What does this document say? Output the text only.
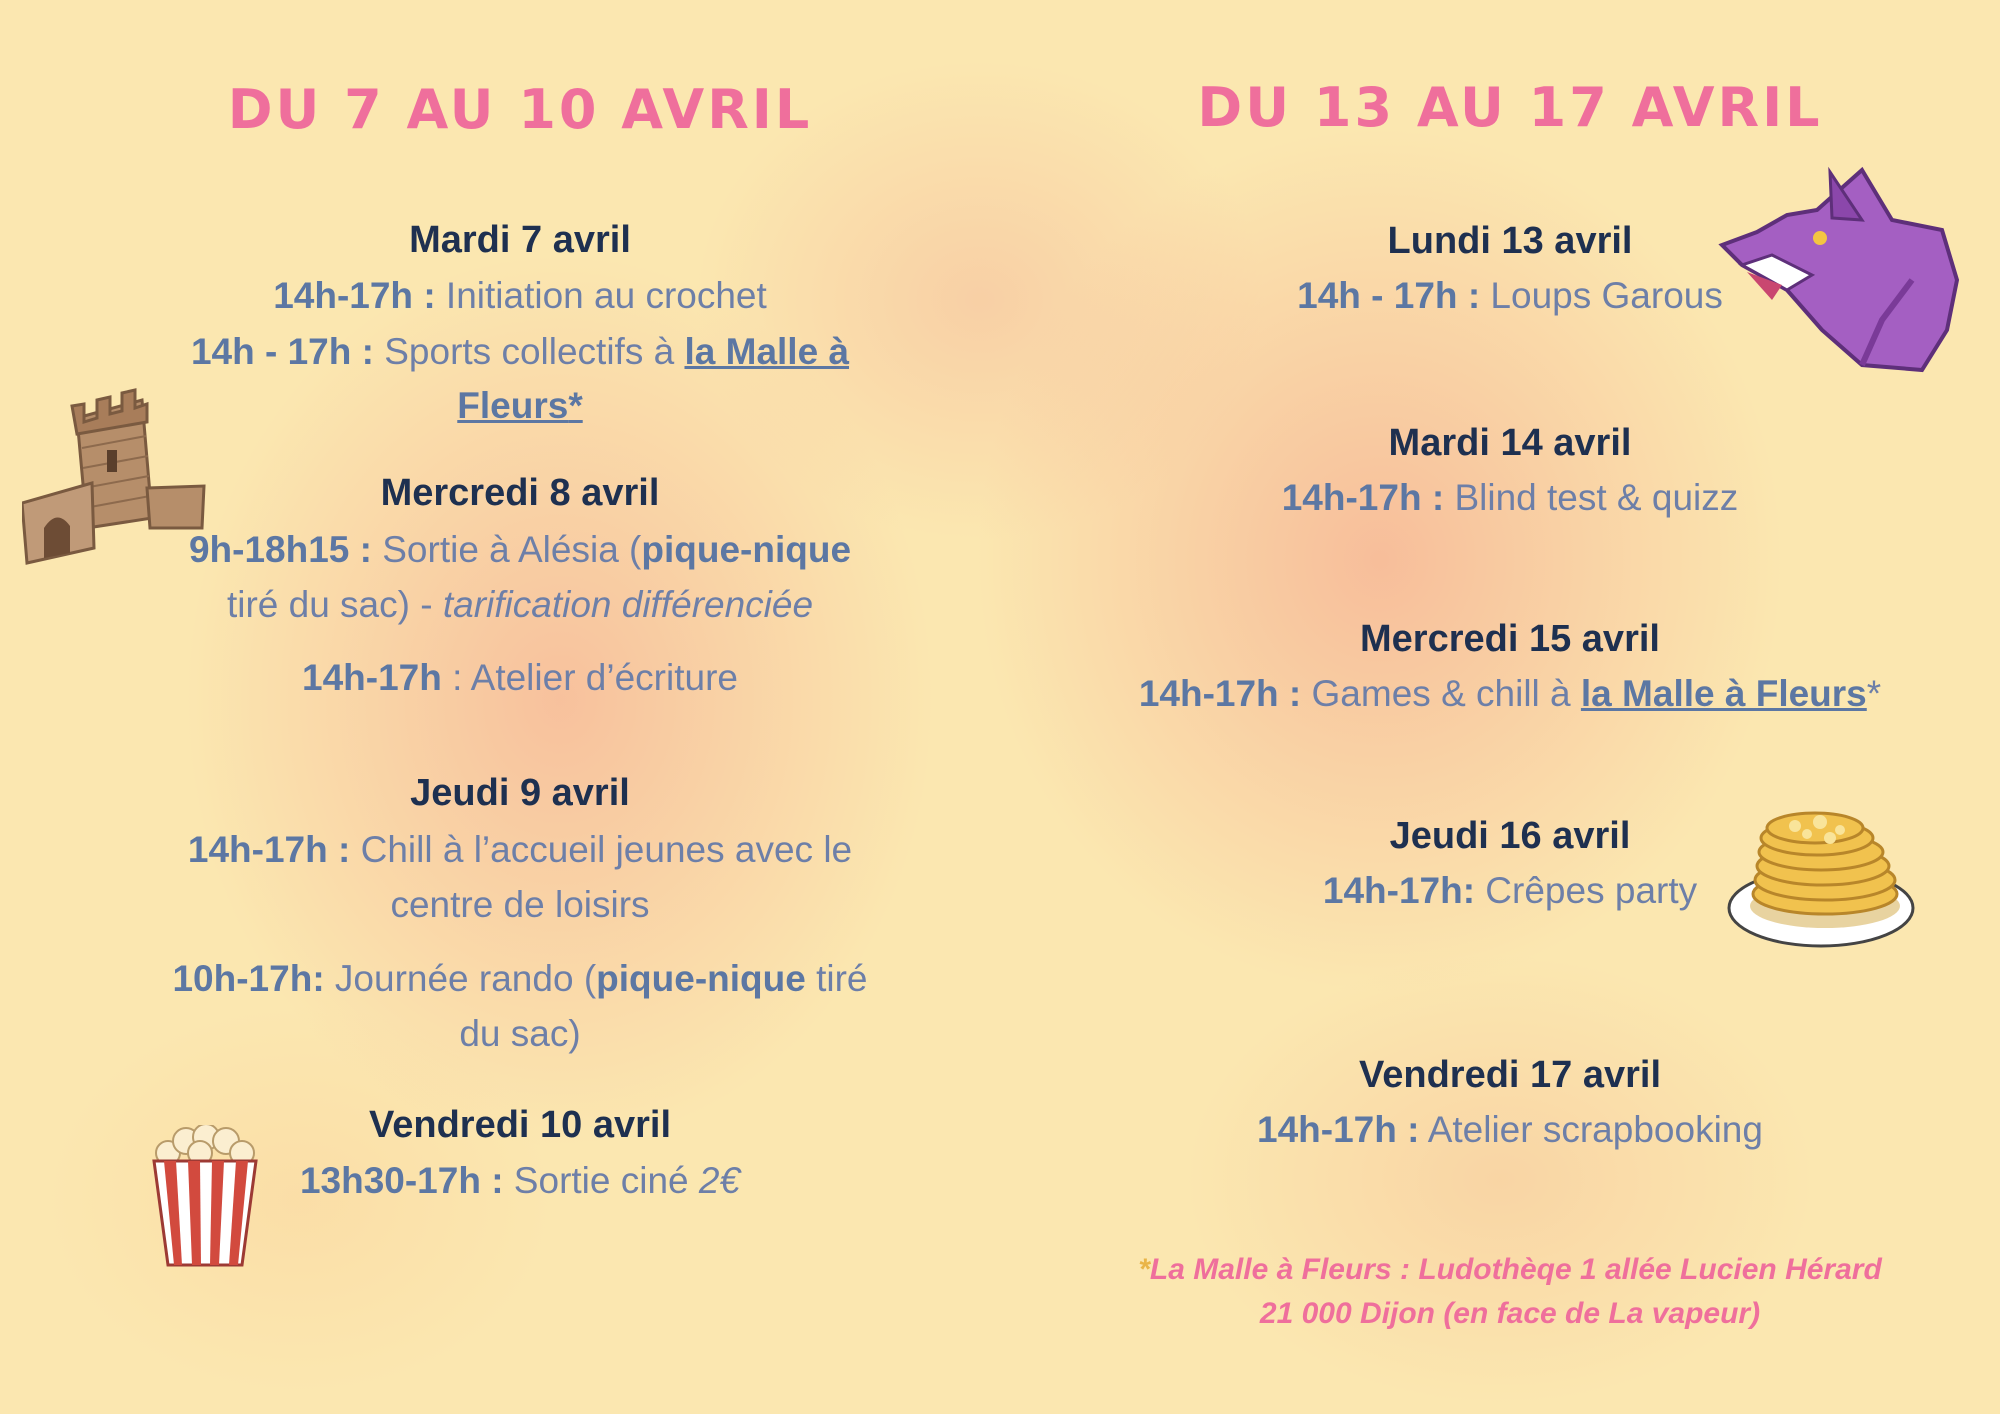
DU 7 AU 10 AVRIL
Mardi 7 avril
14h-17h : Initiation au crochet
14h - 17h : Sports collectifs à la Malle à
Fleurs*
Mercredi 8 avril
9h-18h15 : Sortie à Alésia (pique-nique
tiré du sac) - tarification différenciée
14h-17h : Atelier d’écriture
Jeudi 9 avril
14h-17h : Chill à l’accueil jeunes avec le
centre de loisirs
10h-17h: Journée rando (pique-nique tiré
du sac)
Vendredi 10 avril
13h30-17h : Sortie ciné 2€
DU 13 AU 17 AVRIL
Lundi 13 avril
14h - 17h : Loups Garous
Mardi 14 avril
14h-17h : Blind test & quizz
Mercredi 15 avril
14h-17h : Games & chill à la Malle à Fleurs*
Jeudi 16 avril
14h-17h: Crêpes party
Vendredi 17 avril
14h-17h : Atelier scrapbooking
*La Malle à Fleurs : Ludothèqe 1 allée Lucien Hérard
21 000 Dijon (en face de La vapeur)
